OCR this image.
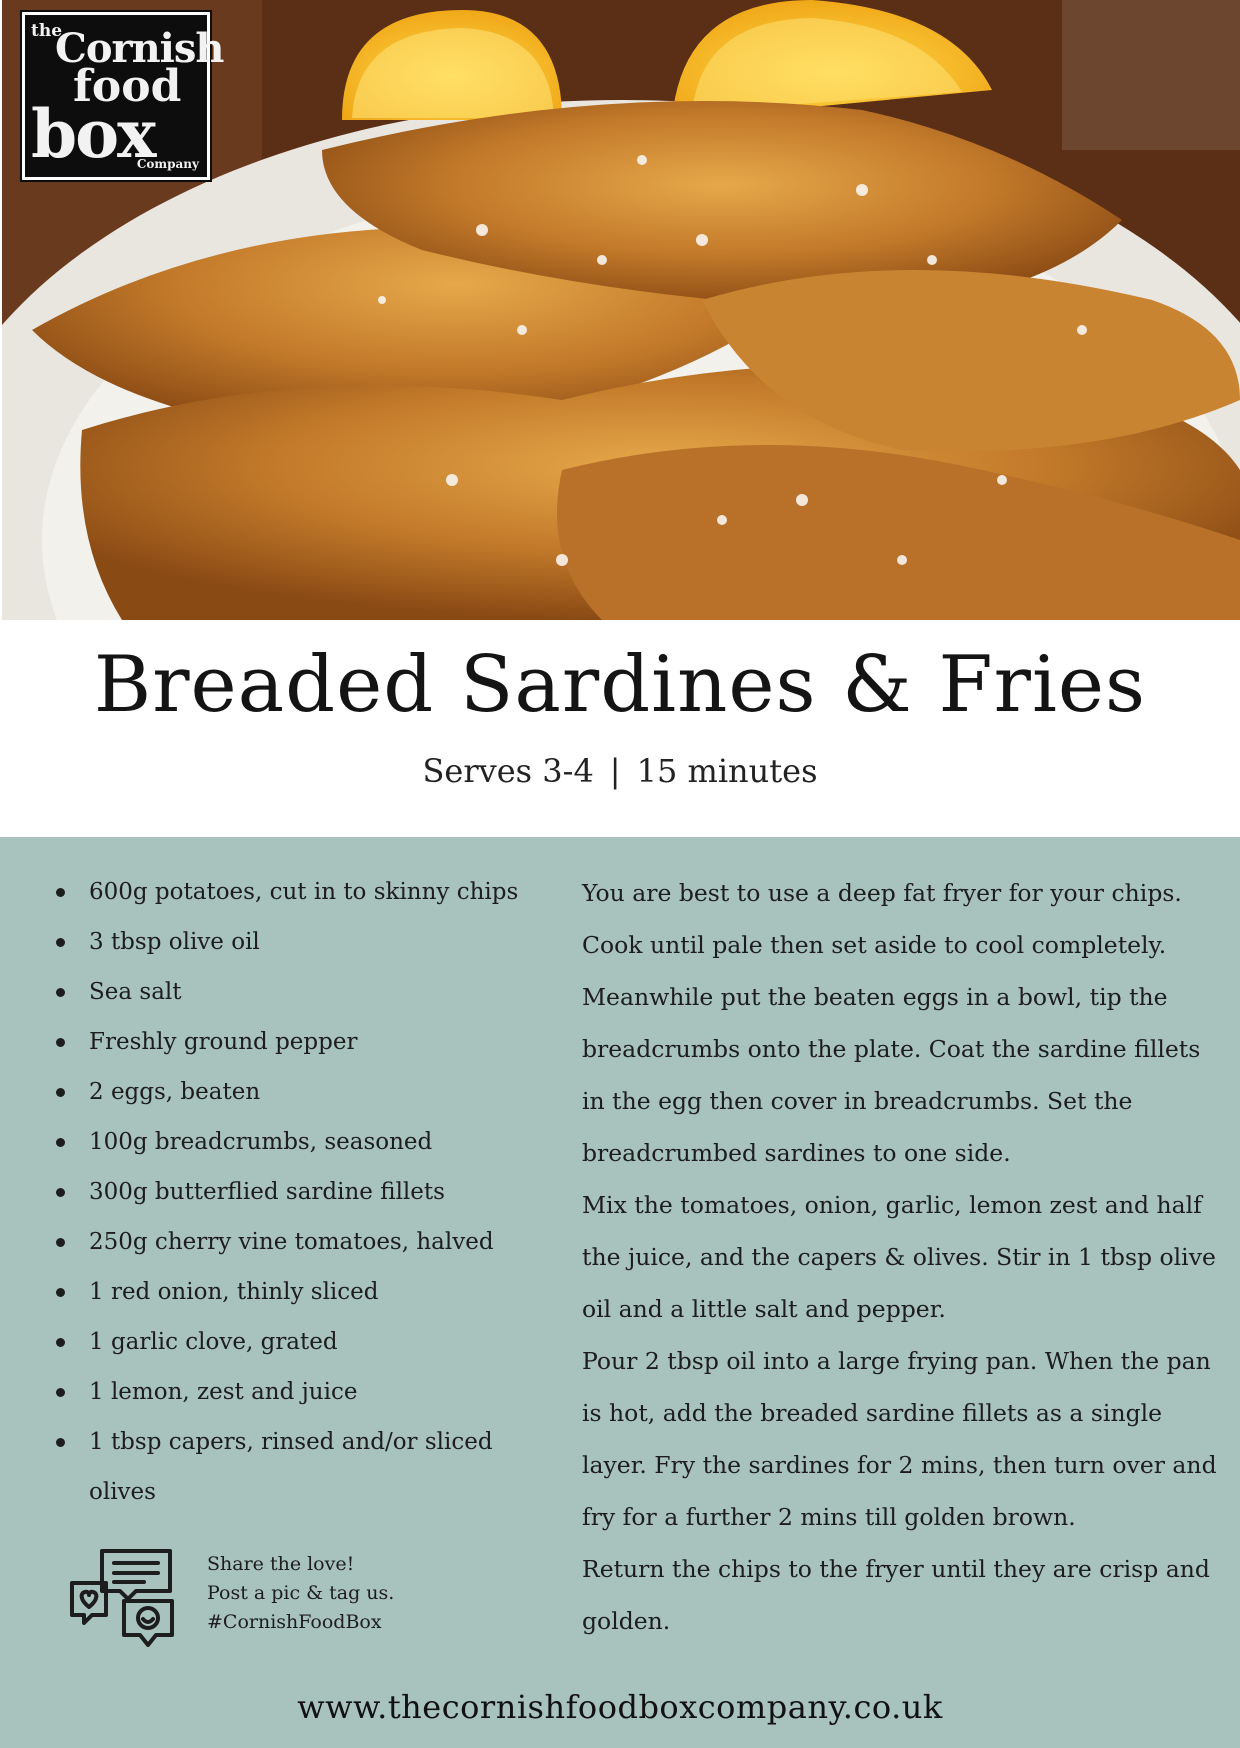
the
Cornish
food
box
Company
Breaded Sardines & Fries
Serves 3-4 | 15 minutes
600g potatoes, cut in to skinny chips
3 tbsp olive oil
Sea salt
Freshly ground pepper
2 eggs, beaten
100g breadcrumbs, seasoned
300g butterflied sardine fillets
250g cherry vine tomatoes, halved
1 red onion, thinly sliced
1 garlic clove, grated
1 lemon, zest and juice
1 tbsp capers, rinsed and/or sliced olives

You are best to use a deep fat fryer for your chips. Cook until pale then set aside to cool completely.

Meanwhile put the beaten eggs in a bowl, tip the breadcrumbs onto the plate. Coat the sardine fillets in the egg then cover in breadcrumbs. Set the breadcrumbed sardines to one side.

Mix the tomatoes, onion, garlic, lemon zest and half the juice, and the capers & olives. Stir in 1 tbsp olive oil and a little salt and pepper.

Pour 2 tbsp oil into a large frying pan. When the pan is hot, add the breaded sardine fillets as a single layer. Fry the sardines for 2 mins, then turn over and fry for a further 2 mins till golden brown.

Return the chips to the fryer until they are crisp and golden.

Share the love!
Post a pic & tag us.
#CornishFoodBox
www.thecornishfoodboxcompany.co.uk
